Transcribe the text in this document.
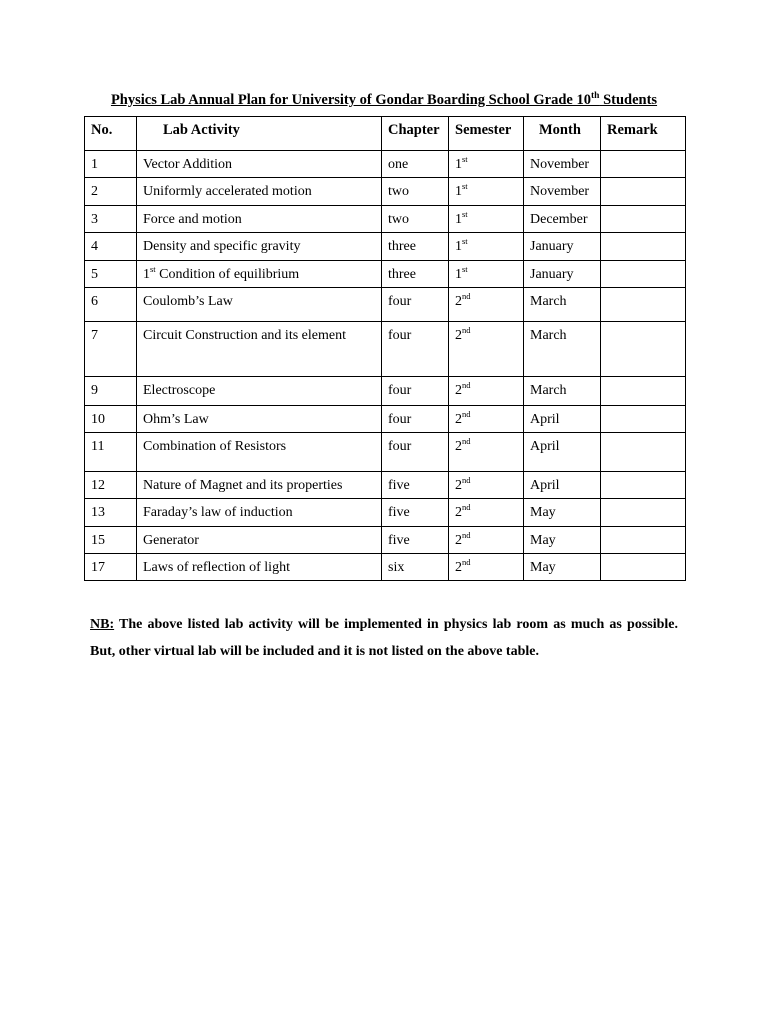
Physics Lab Annual Plan for University of Gondar Boarding School Grade 10th Students
No.	Lab Activity	Chapter	Semester	Month	Remark
1	Vector Addition	one	1st	November	
2	Uniformly accelerated motion	two	1st	November	
3	Force and motion	two	1st	December	
4	Density and specific gravity	three	1st	January	
5	1st Condition of equilibrium	three	1st	January	
6	Coulomb’s Law	four	2nd	March	
7	Circuit Construction and its element	four	2nd	March	
9	Electroscope	four	2nd	March	
10	Ohm’s Law	four	2nd	April	
11	Combination of Resistors	four	2nd	April	
12	Nature of Magnet and its properties	five	2nd	April	
13	Faraday’s law of induction	five	2nd	May	
15	Generator	five	2nd	May	
17	Laws of reflection of light	six	2nd	May	

NB: The above listed lab activity will be implemented in physics lab room as much as possible. But, other virtual lab will be included and it is not listed on the above table.
